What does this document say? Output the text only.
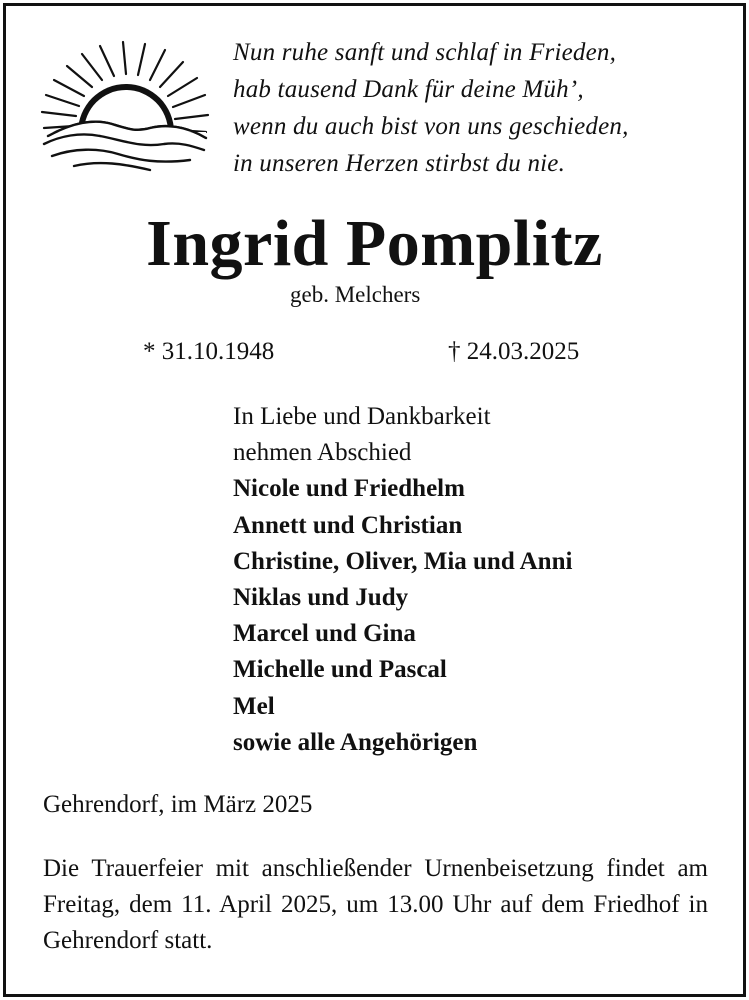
Nun ruhe sanft und schlaf in Frieden,
hab tausend Dank für deine Müh’,
wenn du auch bist von uns geschieden,
in unseren Herzen stirbst du nie.
Ingrid Pomplitz
geb. Melchers
* 31.10.1948	† 24.03.2025
In Liebe und Dankbarkeit
nehmen Abschied
Nicole und Friedhelm
Annett und Christian
Christine, Oliver, Mia und Anni
Niklas und Judy
Marcel und Gina
Michelle und Pascal
Mel
sowie alle Angehörigen
Gehrendorf, im März 2025
Die Trauerfeier mit anschließender Urnenbeisetzung findet am Freitag, dem 11. April 2025, um 13.00 Uhr auf dem Friedhof in Gehrendorf statt.
